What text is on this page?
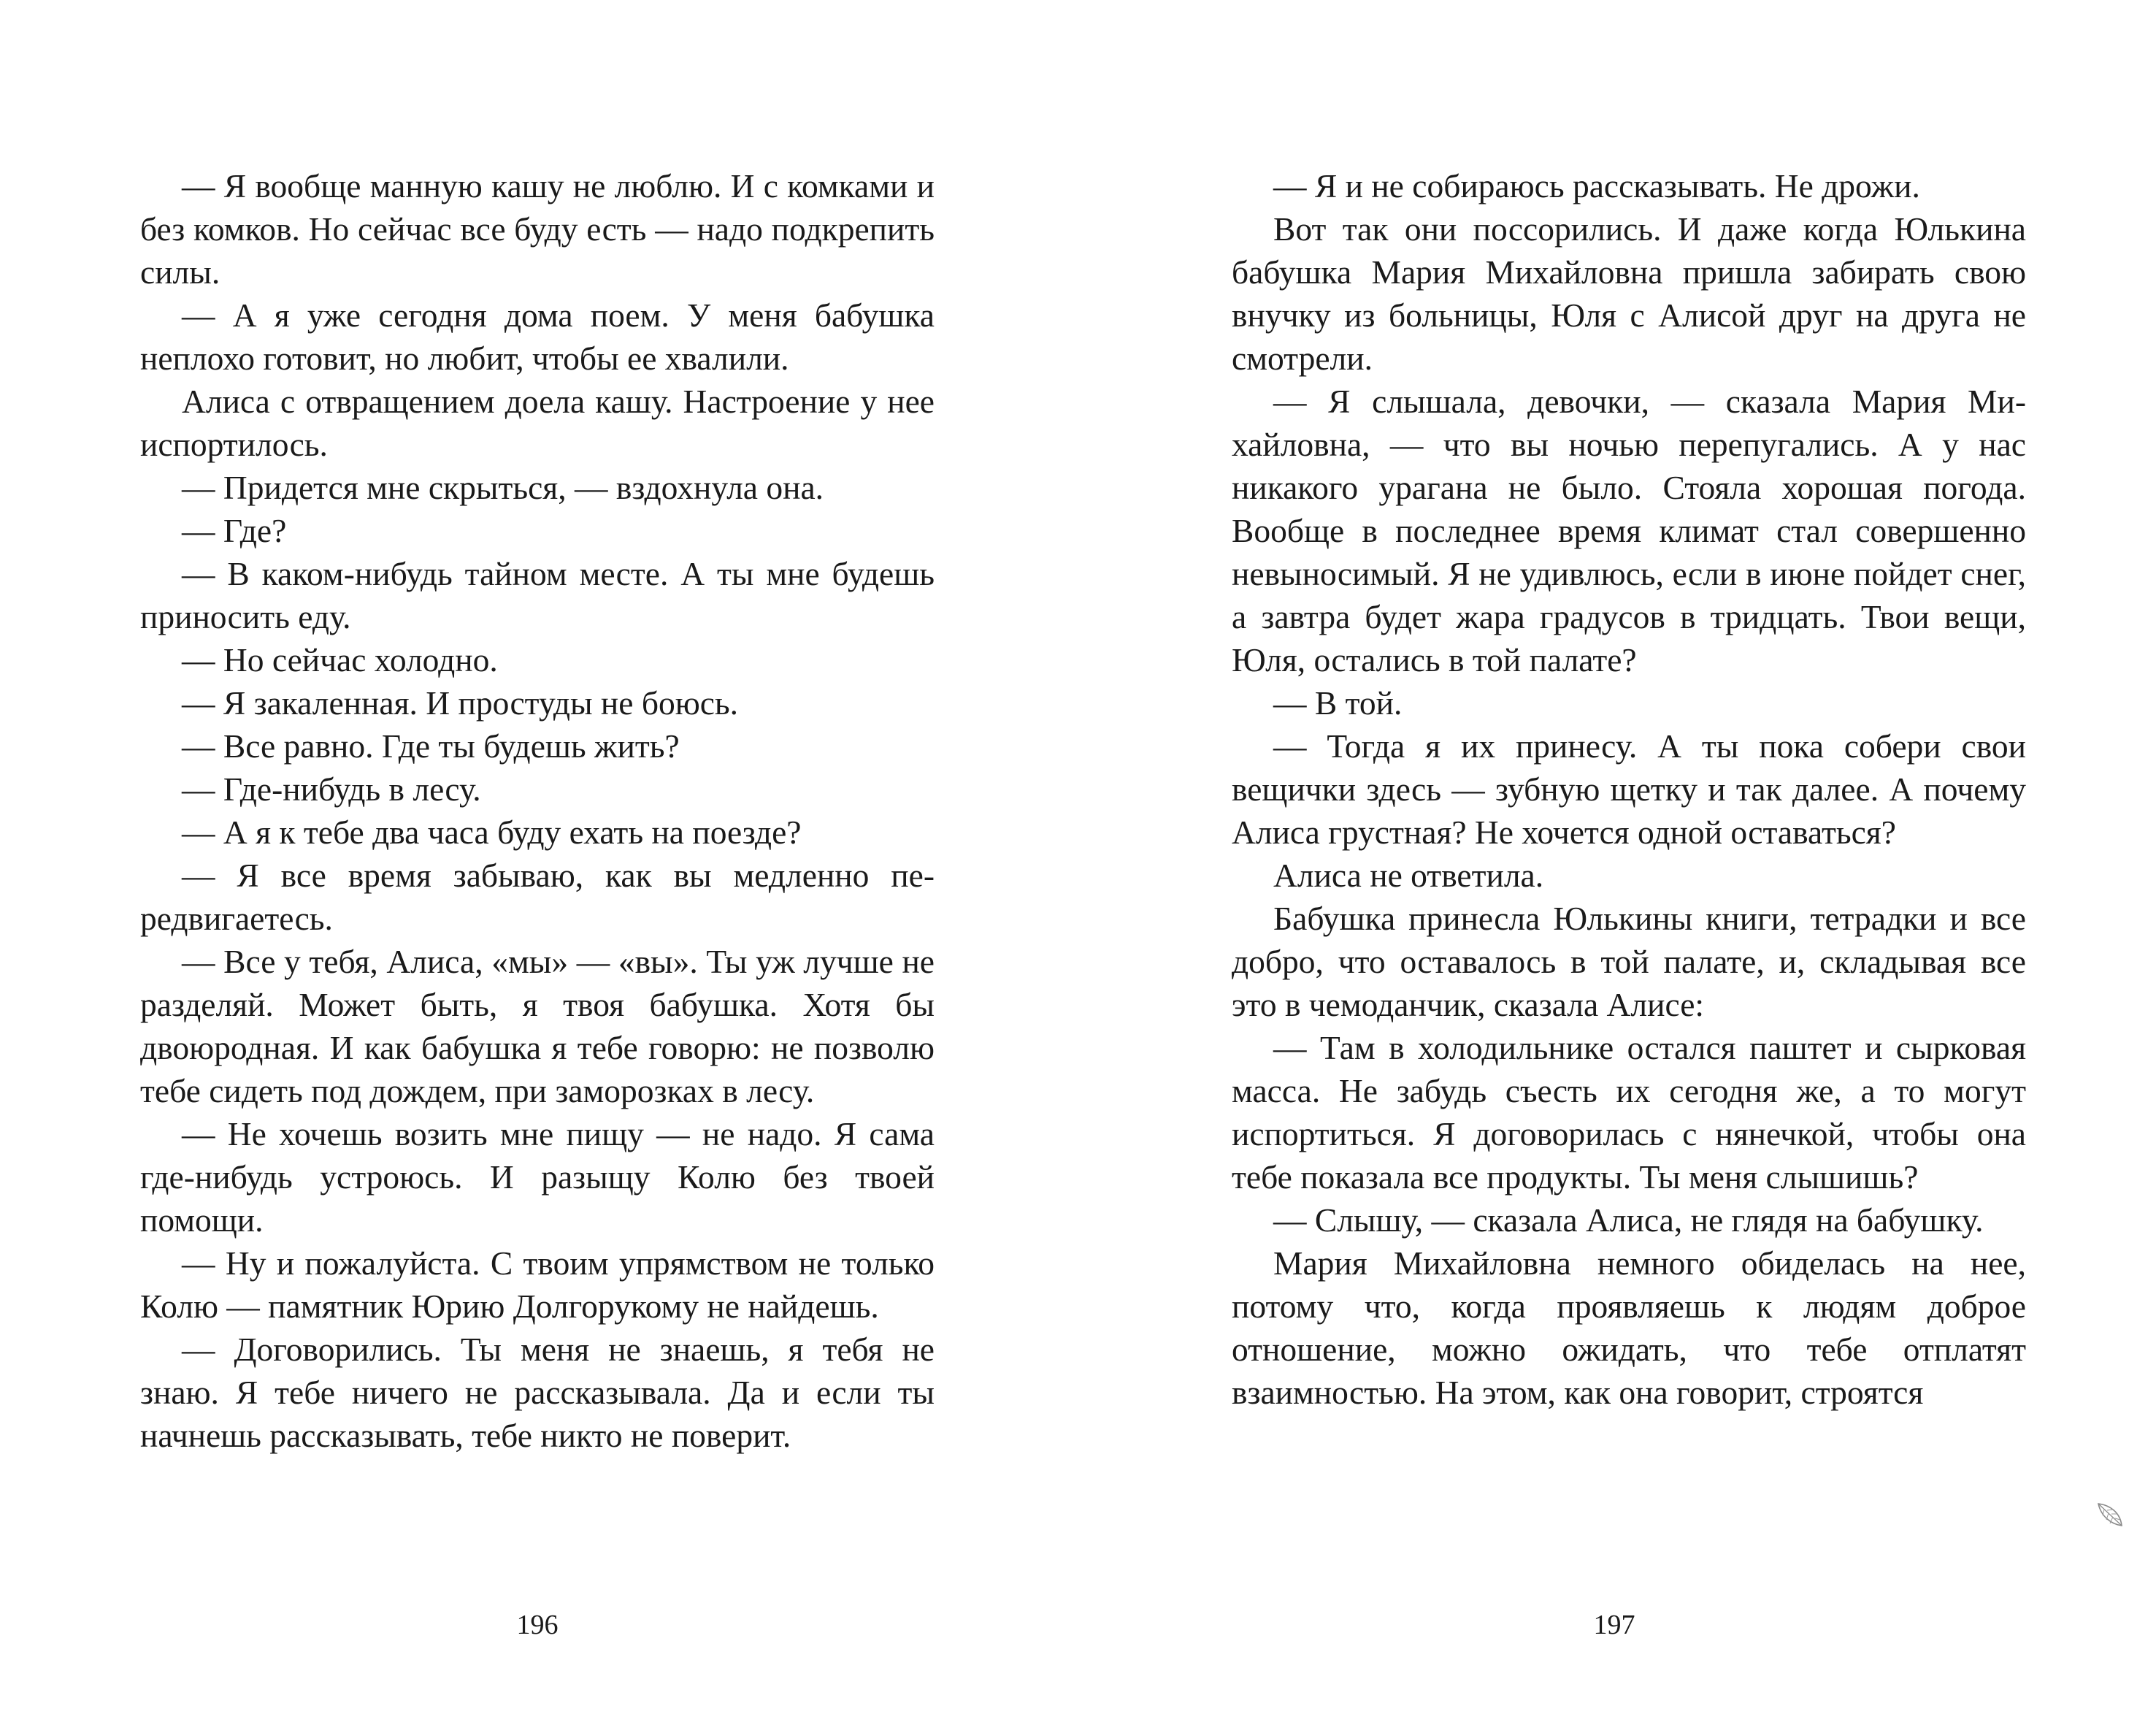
— Я вообще манную кашу не люблю. И с комками и без комков. Но сейчас все буду есть — надо подкрепить силы.

— А я уже сегодня дома поем. У меня бабушка неплохо готовит, но любит, чтобы ее хвалили.

Алиса с отвращением доела кашу. Настроение у нее испортилось.

— Придется мне скрыться, — вздохнула она.

— Где?

— В каком-нибудь тайном месте. А ты мне будешь приносить еду.

— Но сейчас холодно.

— Я закаленная. И простуды не боюсь.

— Все равно. Где ты будешь жить?

— Где-нибудь в лесу.

— А я к тебе два часа буду ехать на поезде?

— Я все время забываю, как вы медленно передвигаетесь.

— Все у тебя, Алиса, «мы» — «вы». Ты уж лучше не разделяй. Может быть, я твоя бабушка. Хотя бы двоюродная. И как бабушка я тебе говорю: не позволю тебе сидеть под дождем, при заморозках в лесу.

— Не хочешь возить мне пищу — не надо. Я сама где-нибудь устроюсь. И разыщу Колю без твоей помощи.

— Ну и пожалуйста. С твоим упрямством не только Колю — памятник Юрию Долгорукому не найдешь.

— Договорились. Ты меня не знаешь, я тебя не знаю. Я тебе ничего не рассказывала. Да и если ты начнешь рассказывать, тебе никто не поверит.

196

— Я и не собираюсь рассказывать. Не дрожи.

Вот так они поссорились. И даже когда Юлькина бабушка Мария Михайловна пришла забирать свою внучку из больницы, Юля с Алисой друг на друга не смотрели.

— Я слышала, девочки, — сказала Мария Михайловна, — что вы ночью перепугались. А у нас никакого урагана не было. Стояла хорошая погода. Вообще в последнее время климат стал совершенно невыносимый. Я не удивлюсь, если в июне пойдет снег, а завтра будет жара градусов в тридцать. Твои вещи, Юля, остались в той палате?

— В той.

— Тогда я их принесу. А ты пока собери свои вещички здесь — зубную щетку и так далее. А почему Алиса грустная? Не хочется одной оставаться?

Алиса не ответила.

Бабушка принесла Юлькины книги, тетрадки и все добро, что оставалось в той палате, и, складывая все это в чемоданчик, сказала Алисе:

— Там в холодильнике остался паштет и сырковая масса. Не забудь съесть их сегодня же, а то могут испортиться. Я договорилась с нянечкой, чтобы она тебе показала все продукты. Ты меня слышишь?

— Слышу, — сказала Алиса, не глядя на бабушку.

Мария Михайловна немного обиделась на нее, потому что, когда проявляешь к людям доброе отношение, можно ожидать, что тебе отплатят взаимностью. На этом, как она говорит, строятся

197
